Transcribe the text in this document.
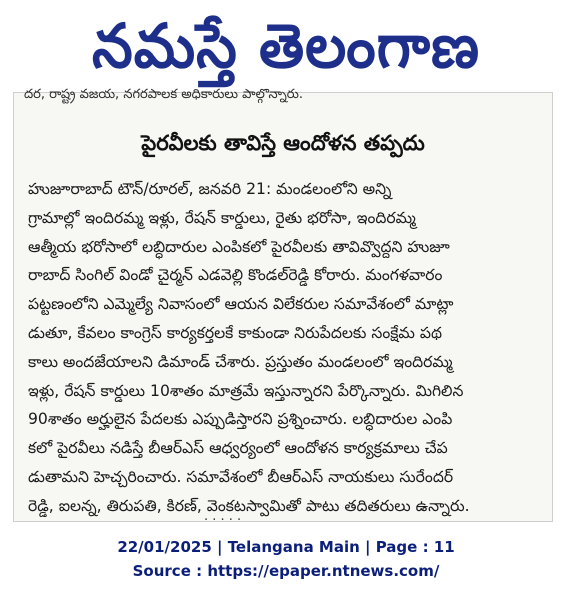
నమస్తే తెలంగాణ
దర, రాష్ట్ర వజయ, నగరపాలక అధికారులు పాల్గొన్నారు.
పైరవీలకు తావిస్తే ఆందోళన తప్పదు
హుజూరాబాద్ టౌన్/రూరల్, జనవరి 21: మండలంలోని అన్ని
గ్రామాల్లో ఇందిరమ్మ ఇళ్లు, రేషన్ కార్డులు, రైతు భరోసా, ఇందిరమ్మ
ఆత్మీయ భరోసాలో లబ్ధిదారుల ఎంపికలో పైరవీలకు తావివ్వొద్దని హుజూ
రాబాద్ సింగిల్ విండో చైర్మన్ ఎడవెల్లి కొండల్‌రెడ్డి కోరారు. మంగళవారం
పట్టణంలోని ఎమ్మెల్యే నివాసంలో ఆయన విలేకరుల సమావేశంలో మాట్లా
డుతూ, కేవలం కాంగ్రెస్ కార్యకర్తలకే కాకుండా నిరుపేదలకు సంక్షేమ పథ
కాలు అందజేయాలని డిమాండ్ చేశారు. ప్రస్తుతం మండలంలో ఇందిరమ్మ
ఇళ్లు, రేషన్ కార్డులు 10శాతం మాత్రమే ఇస్తున్నారని పేర్కొన్నారు. మిగిలిన
90శాతం అర్హులైన పేదలకు ఎప్పుడిస్తారని ప్రశ్నించారు. లబ్ధిదారుల ఎంపి
కలో పైరవీలు నడిస్తే బీఆర్‌ఎస్ ఆధ్వర్యంలో ఆందోళన కార్యక్రమాలు చేప
డుతామని హెచ్చరించారు. సమావేశంలో బీఆర్‌ఎస్ నాయకులు సురేందర్
రెడ్డి, ఐలన్న, తిరుపతి, కిరణ్, వెంకటస్వామితో పాటు తదితరులు ఉన్నారు.
· · · · ·
22/01/2025 | Telangana Main | Page : 11
Source : https://epaper.ntnews.com/
